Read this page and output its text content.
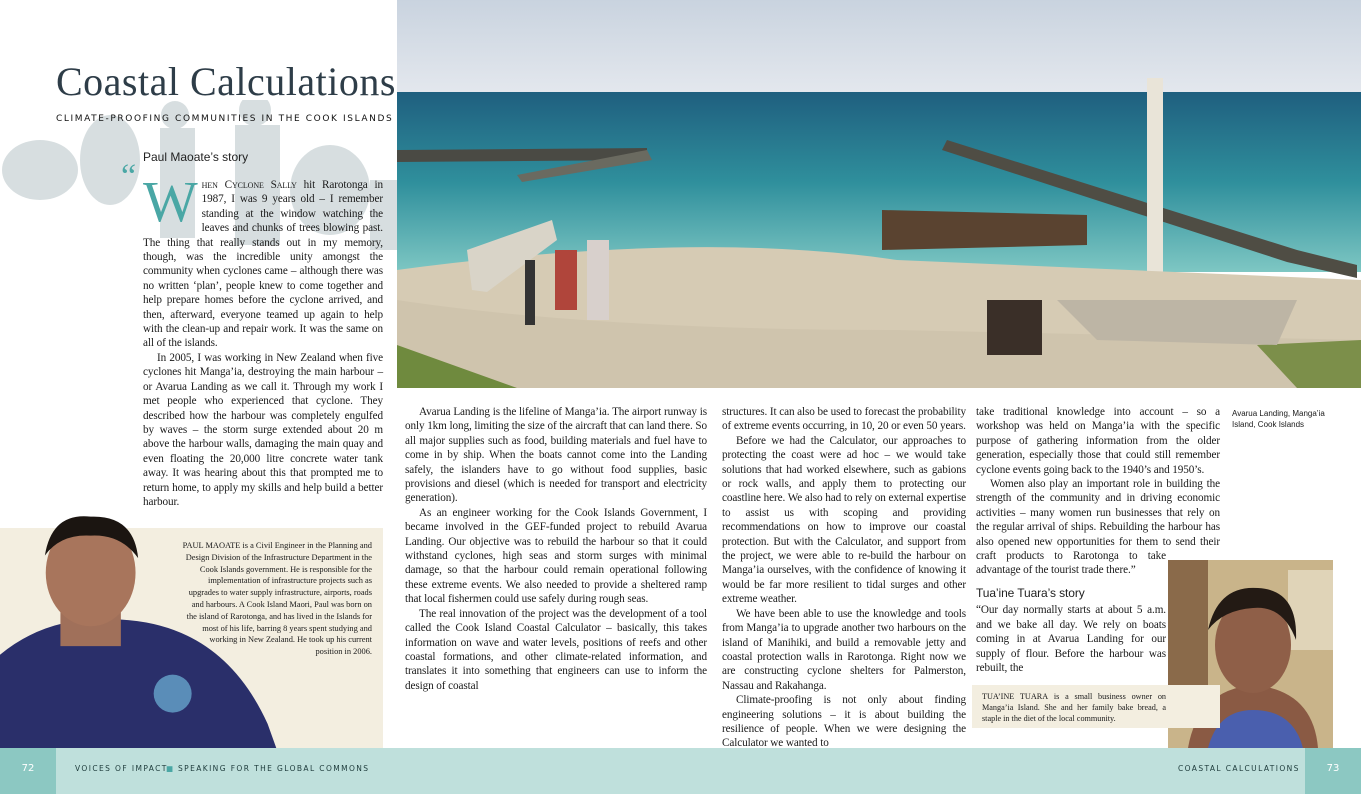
Coastal Calculations
CLIMATE-PROOFING COMMUNITIES IN THE COOK ISLANDS
Paul Maoate’s story
“ When Cyclone Sally hit Rarotonga in 1987, I was 9 years old – I remember standing at the window watching the leaves and chunks of trees blowing past. The thing that really stands out in my memory, though, was the incredible unity amongst the community when cyclones came – although there was no written ‘plan’, people knew to come together and help prepare homes before the cyclone arrived, and then, afterward, everyone teamed up again to help with the clean-up and repair work. It was the same on all of the islands.

In 2005, I was working in New Zealand when five cyclones hit Manga’ia, destroying the main harbour – or Avarua Landing as we call it. Through my work I met people who experienced that cyclone. They described how the harbour was completely engulfed by waves – the storm surge extended about 20 m above the harbour walls, damaging the main quay and even floating the 20,000 litre concrete water tank away. It was hearing about this that prompted me to return home, to apply my skills and help build a better harbour.

Avarua Landing, Manga’ia Island, Cook Islands

Avarua Landing is the lifeline of Manga’ia. The airport runway is only 1km long, limiting the size of the aircraft that can land there. So all major supplies such as food, building materials and fuel have to come in by ship. When the boats cannot come into the Landing safely, the islanders have to go without food supplies, basic provisions and diesel (which is needed for transport and electricity generation).

As an engineer working for the Cook Islands Government, I became involved in the GEF-funded project to rebuild Avarua Landing. Our objective was to rebuild the harbour so that it could withstand cyclones, high seas and storm surges with minimal damage, so that the harbour could remain operational following these extreme events. We also needed to provide a sheltered ramp that local fishermen could use safely during rough seas.

The real innovation of the project was the development of a tool called the Cook Island Coastal Calculator – basically, this takes information on wave and water levels, positions of reefs and other coastal formations, and other climate-related information, and translates it into something that engineers can use to inform the design of coastal

structures. It can also be used to forecast the probability of extreme events occurring, in 10, 20 or even 50 years.

Before we had the Calculator, our approaches to protecting the coast were ad hoc – we would take solutions that had worked elsewhere, such as gabions or rock walls, and apply them to protecting our coastline here. We also had to rely on external expertise to assist us with scoping and providing recommendations on how to improve our coastal protection. But with the Calculator, and support from the project, we were able to re-build the harbour on Manga’ia ourselves, with the confidence of knowing it would be far more resilient to tidal surges and other extreme weather.

We have been able to use the knowledge and tools from Manga’ia to upgrade another two harbours on the island of Manihiki, and build a removable jetty and coastal protection walls in Rarotonga. Right now we are constructing cyclone shelters for Palmerston, Nassau and Rakahanga.

Climate-proofing is not only about finding engineering solutions – it is about building the resilience of people. When we were designing the Calculator we wanted to

take traditional knowledge into account – so a workshop was held on Manga’ia with the specific purpose of gathering information from the older generation, especially those that could still remember cyclone events going back to the 1940’s and 1950’s.

Women also play an important role in building the strength of the community and in driving economic activities – many women run businesses that rely on the regular arrival of ships. Rebuilding the harbour has also opened new opportunities for them to send their craft products to Rarotonga to take advantage of the tourist trade there.”

Tua’ine Tuara’s story

“Our day normally starts at about 5 a.m. and we bake all day. We rely on boats coming in at Avarua Landing for our supply of flour. Before the harbour was rebuilt, the

TUA’INE TUARA is a small business owner on Manga’ia Island. She and her family bake bread, a staple in the diet of the local community.
PAUL MAOATE is a Civil Engineer in the Planning and Design Division of the Infrastructure Department in the Cook Islands government. He is responsible for the implementation of infrastructure projects such as upgrades to water supply infrastructure, airports, roads and harbours. A Cook Island Maori, Paul was born on the island of Rarotonga, and has lived in the Islands for most of his life, barring 8 years spent studying and working in New Zealand. He took up his current position in 2006.
72	VOICES OF IMPACT
■ SPEAKING FOR THE GLOBAL COMMONS	COASTAL CALCULATIONS	73
